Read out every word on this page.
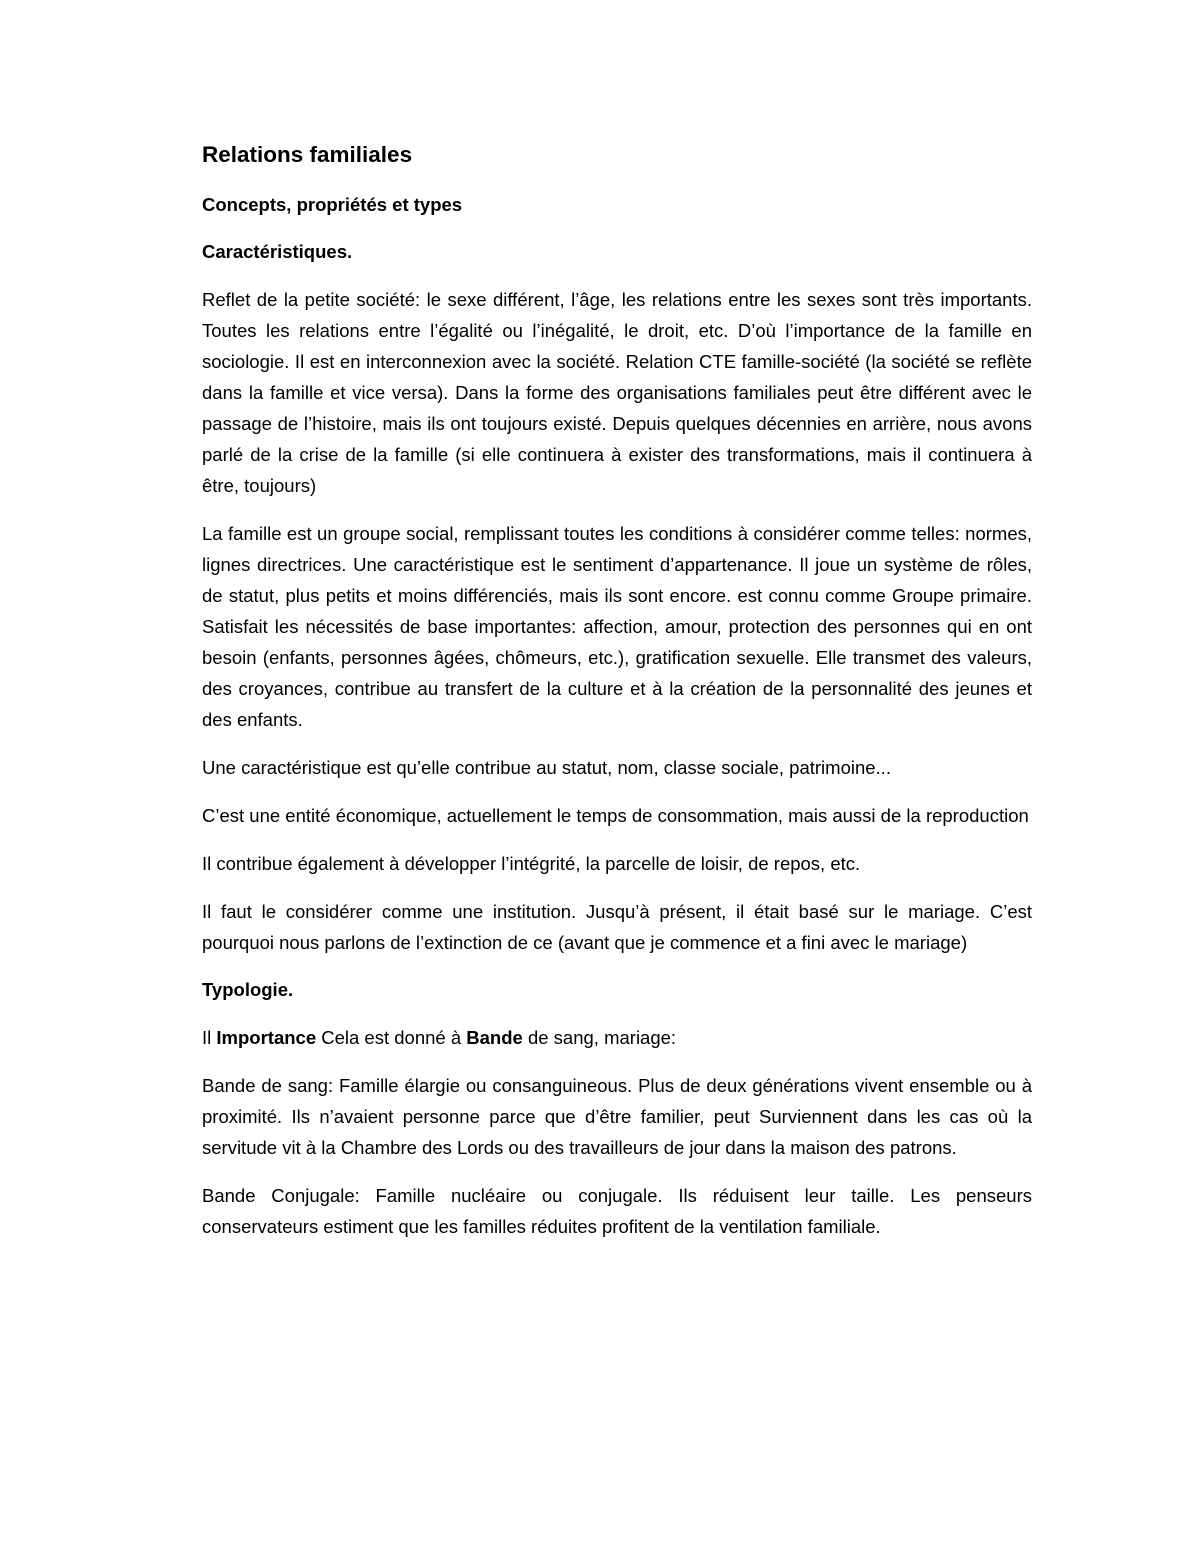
Relations familiales
Concepts, propriétés et types
Caractéristiques.

Reflet de la petite société: le sexe différent, l’âge, les relations entre les sexes sont très importants. Toutes les relations entre l’égalité ou l’inégalité, le droit, etc. D’où l’importance de la famille en sociologie. Il est en interconnexion avec la société. Relation CTE famille-société (la société se reflète dans la famille et vice versa). Dans la forme des organisations familiales peut être différent avec le passage de l’histoire, mais ils ont toujours existé. Depuis quelques décennies en arrière, nous avons parlé de la crise de la famille (si elle continuera à exister des transformations, mais il continuera à être, toujours)

La famille est un groupe social, remplissant toutes les conditions à considérer comme telles: normes, lignes directrices. Une caractéristique est le sentiment d’appartenance. Il joue un système de rôles, de statut, plus petits et moins différenciés, mais ils sont encore. est connu comme Groupe primaire. Satisfait les nécessités de base importantes: affection, amour, protection des personnes qui en ont besoin (enfants, personnes âgées, chômeurs, etc.), gratification sexuelle. Elle transmet des valeurs, des croyances, contribue au transfert de la culture et à la création de la personnalité des jeunes et des enfants.

Une caractéristique est qu’elle contribue au statut, nom, classe sociale, patrimoine...

C’est une entité économique, actuellement le temps de consommation, mais aussi de la reproduction

Il contribue également à développer l’intégrité, la parcelle de loisir, de repos, etc.

Il faut le considérer comme une institution. Jusqu’à présent, il était basé sur le mariage. C’est pourquoi nous parlons de l’extinction de ce (avant que je commence et a fini avec le mariage)

Typologie.

Il Importance Cela est donné à Bande de sang, mariage:

Bande de sang: Famille élargie ou consanguineous. Plus de deux générations vivent ensemble ou à proximité. Ils n’avaient personne parce que d’être familier, peut Surviennent dans les cas où la servitude vit à la Chambre des Lords ou des travailleurs de jour dans la maison des patrons.

Bande Conjugale: Famille nucléaire ou conjugale. Ils réduisent leur taille. Les penseurs conservateurs estiment que les familles réduites profitent de la ventilation familiale.
